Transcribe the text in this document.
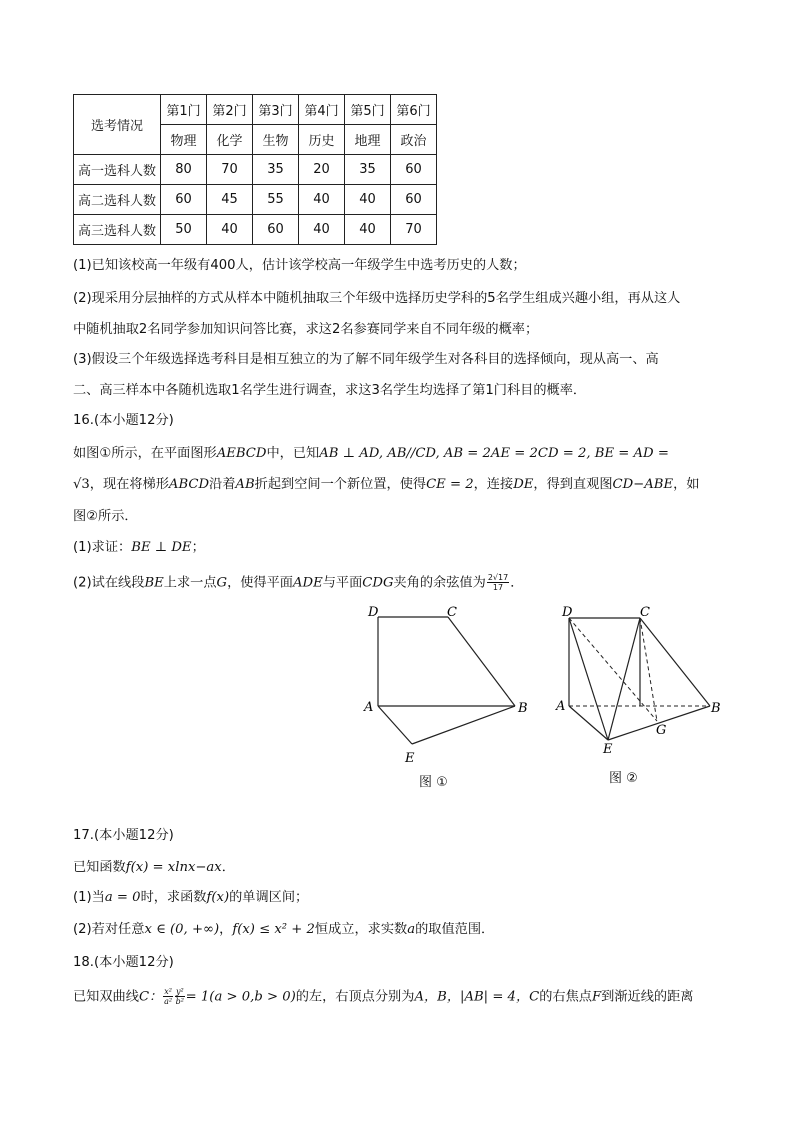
选考情况	第1门	第2门	第3门	第4门	第5门	第6门
	物理	化学	生物	历史	地理	政治
高一选科人数	80	70	35	20	35	60
高二选科人数	60	45	55	40	40	60
高三选科人数	50	40	60	40	40	70
(1)已知该校高一年级有400人，估计该学校高一年级学生中选考历史的人数；
(2)现采用分层抽样的方式从样本中随机抽取三个年级中选择历史学科的5名学生组成兴趣小组，再从这人
中随机抽取2名同学参加知识问答比赛，求这2名参赛同学来自不同年级的概率；
(3)假设三个年级选择选考科目是相互独立的为了解不同年级学生对各科目的选择倾向，现从高一、高
二、高三样本中各随机选取1名学生进行调查，求这3名学生均选择了第1门科目的概率．
16.(本小题12分)
如图①所示，在平面图形AEBCD中，已知AB ⊥ AD, AB//CD, AB = 2AE = 2CD = 2, BE = AD =
√3，现在将梯形ABCD沿着AB折起到空间一个新位置，使得CE = 2，连接DE，得到直观图CD−ABE，如
图②所示．
(1)求证：BE ⊥ DE；
(2)试在线段BE上求一点G，使得平面ADE与平面CDG夹角的余弦值为 $\frac{2√17}{17}$ ．
D	C
A	B
E
图 ①
D	C
A	B
E
G
图 ②
17.(本小题12分)
已知函数f(x) = xlnx−ax．
(1)当a = 0时，求函数f(x)的单调区间；
(2)若对任意x ∈ (0, +∞)，f(x) ≤ x² + 2恒成立，求实数a的取值范围．
18.(本小题12分)
已知双曲线C： $\frac{\text{x²}}{\text{a²}} \frac{\text{y²}}{\text{b²}} = 1(a > 0,b > 0)$的左，右顶点分别为A，B，|AB| = 4，C的右焦点F到渐近线的距离
